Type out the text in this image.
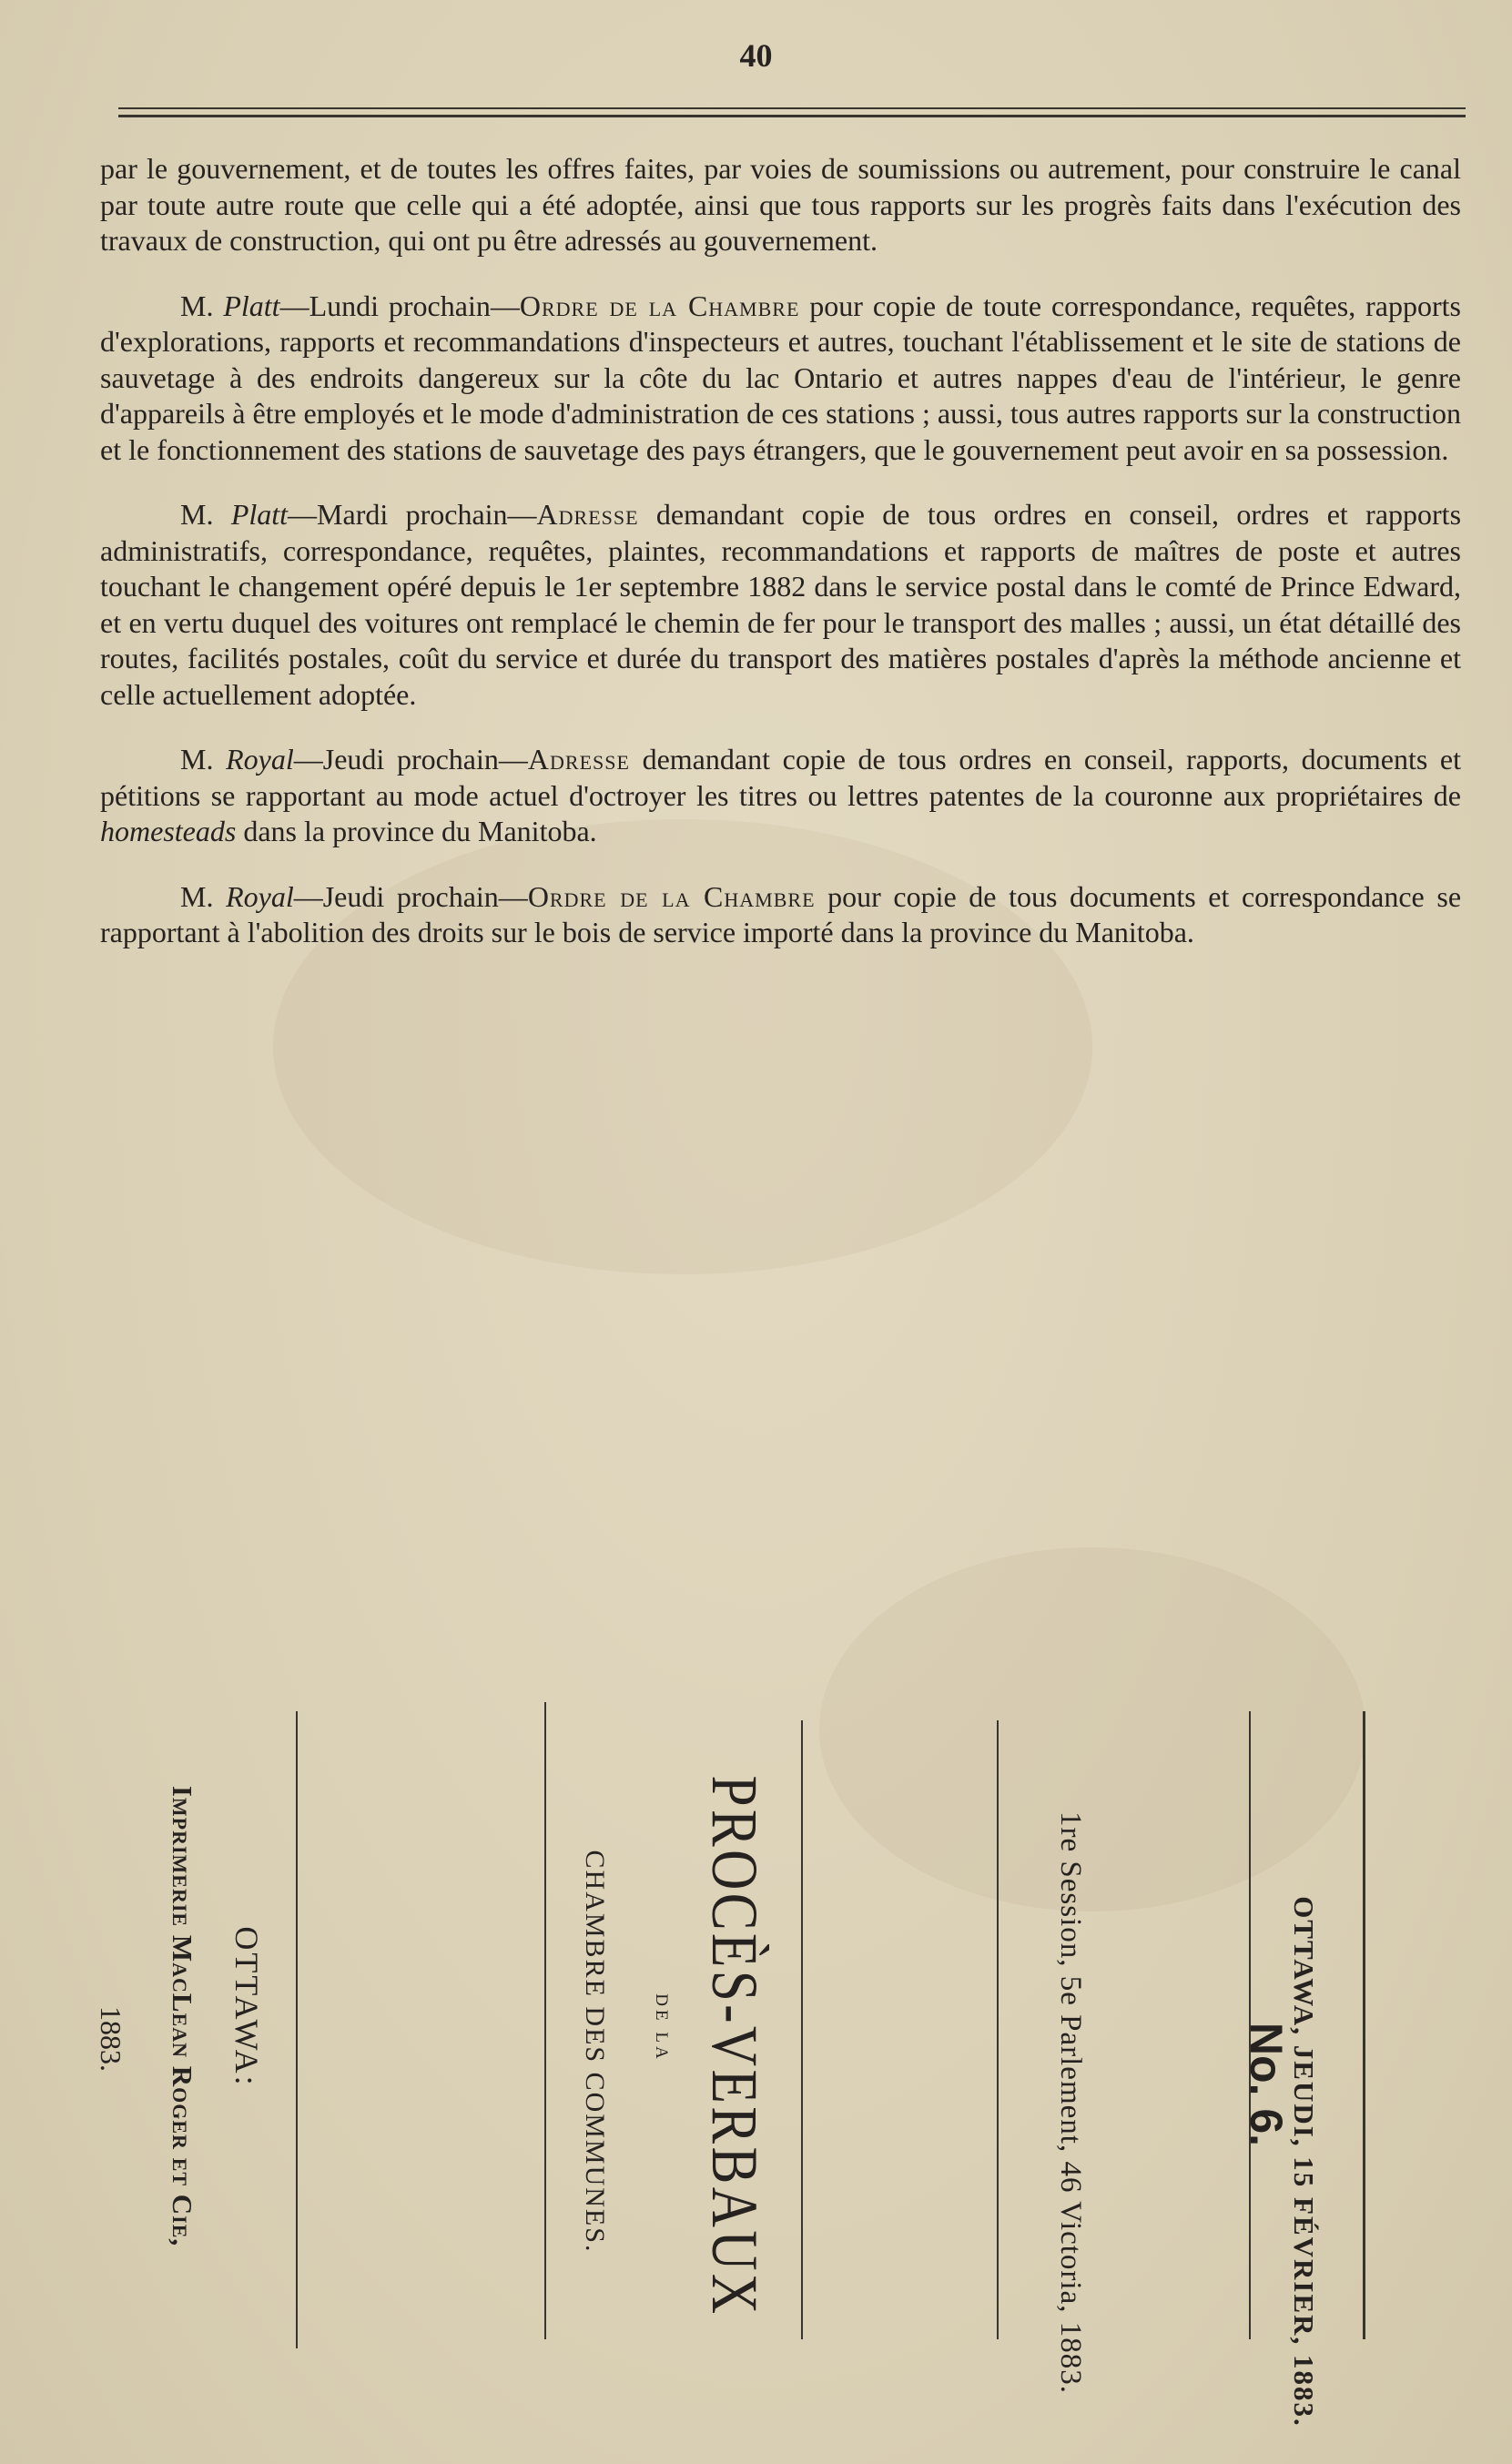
40

par le gouvernement, et de toutes les offres faites, par voies de soumissions ou autrement, pour construire le canal par toute autre route que celle qui a été adoptée, ainsi que tous rapports sur les progrès faits dans l'exécution des travaux de construction, qui ont pu être adressés au gouvernement.

M. Platt—Lundi prochain—Ordre de la Chambre pour copie de toute correspondance, requêtes, rapports d'explorations, rapports et recommandations d'inspecteurs et autres, touchant l'établissement et le site de stations de sauvetage à des endroits dangereux sur la côte du lac Ontario et autres nappes d'eau de l'intérieur, le genre d'appareils à être employés et le mode d'administration de ces stations ; aussi, tous autres rapports sur la construction et le fonctionnement des stations de sauvetage des pays étrangers, que le gouvernement peut avoir en sa possession.

M. Platt—Mardi prochain—Adresse demandant copie de tous ordres en conseil, ordres et rapports administratifs, correspondance, requêtes, plaintes, recommandations et rapports de maîtres de poste et autres touchant le changement opéré depuis le 1er septembre 1882 dans le service postal dans le comté de Prince Edward, et en vertu duquel des voitures ont remplacé le chemin de fer pour le transport des malles ; aussi, un état détaillé des routes, facilités postales, coût du service et durée du transport des matières postales d'après la méthode ancienne et celle actuellement adoptée.

M. Royal—Jeudi prochain—Adresse demandant copie de tous ordres en conseil, rapports, documents et pétitions se rapportant au mode actuel d'octroyer les titres ou lettres patentes de la couronne aux propriétaires de homesteads dans la province du Manitoba.

M. Royal—Jeudi prochain—Ordre de la Chambre pour copie de tous documents et correspondance se rapportant à l'abolition des droits sur le bois de service importé dans la province du Manitoba.

No. 6.
OTTAWA, JEUDI, 15 FÉVRIER, 1883.
1re Session, 5e Parlement, 46 Victoria, 1883.
PROCÈS-VERBAUX
DE LA
CHAMBRE DES COMMUNES.
OTTAWA:
Imprimerie MacLean Roger et Cie,
1883.
